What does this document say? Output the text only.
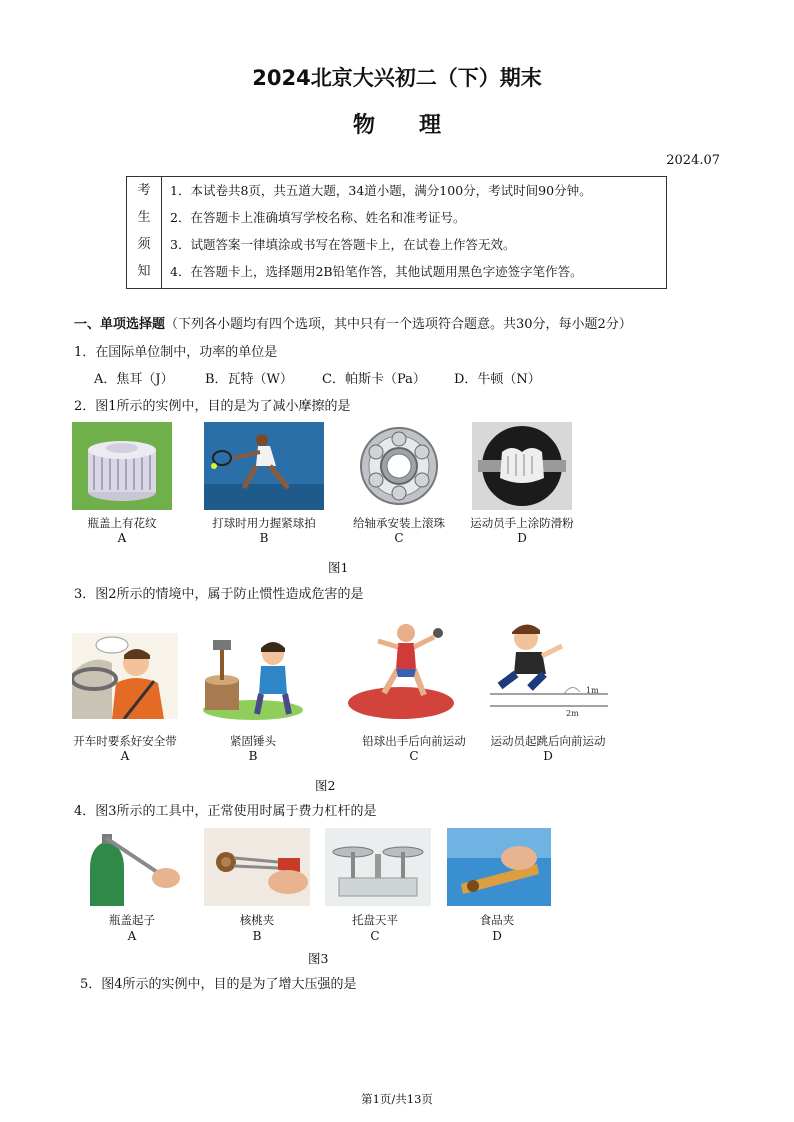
2024北京大兴初二（下）期末
物理
2024.07
考
生
须
知

1．本试卷共8页，共五道大题，34道小题，满分100分，考试时间90分钟。
2．在答题卡上准确填写学校名称、姓名和准考证号。
3．试题答案一律填涂或书写在答题卡上，在试卷上作答无效。
4．在答题卡上，选择题用2B铅笔作答，其他试题用黑色字迹签字笔作答。
一、单项选择题（下列各小题均有四个选项，其中只有一个选项符合题意。共30分，每小题2分）
1．在国际单位制中，功率的单位是
A．焦耳（J） B．瓦特（W） C．帕斯卡（Pa） D．牛顿（N）
2．图1所示的实例中，目的是为了减小摩擦的是
瓶盖上有花纹	打球时用力握紧球拍	给轴承安装上滚珠	运动员手上涂防滑粉
A	B	C	D
图1
3．图2所示的情境中，属于防止惯性造成危害的是
1m
2m
开车时要系好安全带	紧固锤头	铅球出手后向前运动	运动员起跳后向前运动
A	B	C	D
图2
4．图3所示的工具中，正常使用时属于费力杠杆的是
瓶盖起子	核桃夹	托盘天平	食品夹
A	B	C	D
图3
5．图4所示的实例中，目的是为了增大压强的是
第1页/共13页
